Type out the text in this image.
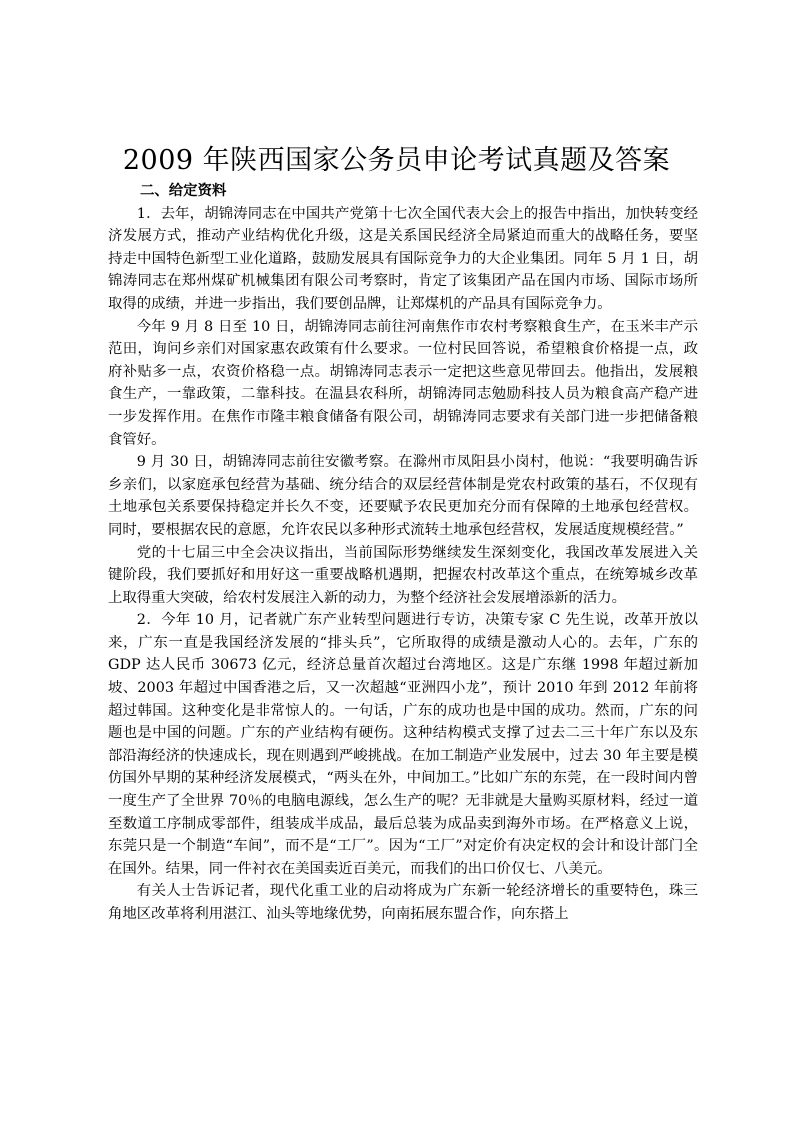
2009 年陕西国家公务员申论考试真题及答案

二、给定资料

1．去年，胡锦涛同志在中国共产党第十七次全国代表大会上的报告中指出，加快转变经济发展方式，推动产业结构优化升级，这是关系国民经济全局紧迫而重大的战略任务，要坚持走中国特色新型工业化道路，鼓励发展具有国际竞争力的大企业集团。同年 5 月 1 日，胡锦涛同志在郑州煤矿机械集团有限公司考察时，肯定了该集团产品在国内市场、国际市场所取得的成绩，并进一步指出，我们要创品牌，让郑煤机的产品具有国际竞争力。

今年 9 月 8 日至 10 日，胡锦涛同志前往河南焦作市农村考察粮食生产，在玉米丰产示范田，询问乡亲们对国家惠农政策有什么要求。一位村民回答说，希望粮食价格提一点，政府补贴多一点，农资价格稳一点。胡锦涛同志表示一定把这些意见带回去。他指出，发展粮食生产，一靠政策，二靠科技。在温县农科所，胡锦涛同志勉励科技人员为粮食高产稳产进一步发挥作用。在焦作市隆丰粮食储备有限公司，胡锦涛同志要求有关部门进一步把储备粮食管好。

9 月 30 日，胡锦涛同志前往安徽考察。在滁州市凤阳县小岗村，他说：“我要明确告诉乡亲们，以家庭承包经营为基础、统分结合的双层经营体制是党农村政策的基石，不仅现有土地承包关系要保持稳定并长久不变，还要赋予农民更加充分而有保障的土地承包经营权。同时，要根据农民的意愿，允许农民以多种形式流转土地承包经营权，发展适度规模经营。”

党的十七届三中全会决议指出，当前国际形势继续发生深刻变化，我国改革发展进入关键阶段，我们要抓好和用好这一重要战略机遇期，把握农村改革这个重点，在统筹城乡改革上取得重大突破，给农村发展注入新的动力，为整个经济社会发展增添新的活力。

2．今年 10 月，记者就广东产业转型问题进行专访，决策专家 C 先生说，改革开放以来，广东一直是我国经济发展的“排头兵”，它所取得的成绩是激动人心的。去年，广东的 GDP 达人民币 30673 亿元，经济总量首次超过台湾地区。这是广东继 1998 年超过新加坡、2003 年超过中国香港之后，又一次超越“亚洲四小龙”，预计 2010 年到 2012 年前将超过韩国。这种变化是非常惊人的。一句话，广东的成功也是中国的成功。然而，广东的问题也是中国的问题。广东的产业结构有硬伤。这种结构模式支撑了过去二三十年广东以及东部沿海经济的快速成长，现在则遇到严峻挑战。在加工制造产业发展中，过去 30 年主要是模仿国外早期的某种经济发展模式，“两头在外，中间加工。”比如广东的东莞，在一段时间内曾一度生产了全世界 70％的电脑电源线，怎么生产的呢？无非就是大量购买原材料，经过一道至数道工序制成零部件，组装成半成品，最后总装为成品卖到海外市场。在严格意义上说，东莞只是一个制造“车间”，而不是“工厂”。因为“工厂”对定价有决定权的会计和设计部门全在国外。结果，同一件衬衣在美国卖近百美元，而我们的出口价仅七、八美元。

有关人士告诉记者，现代化重工业的启动将成为广东新一轮经济增长的重要特色，珠三角地区改革将利用湛江、汕头等地缘优势，向南拓展东盟合作，向东搭上
